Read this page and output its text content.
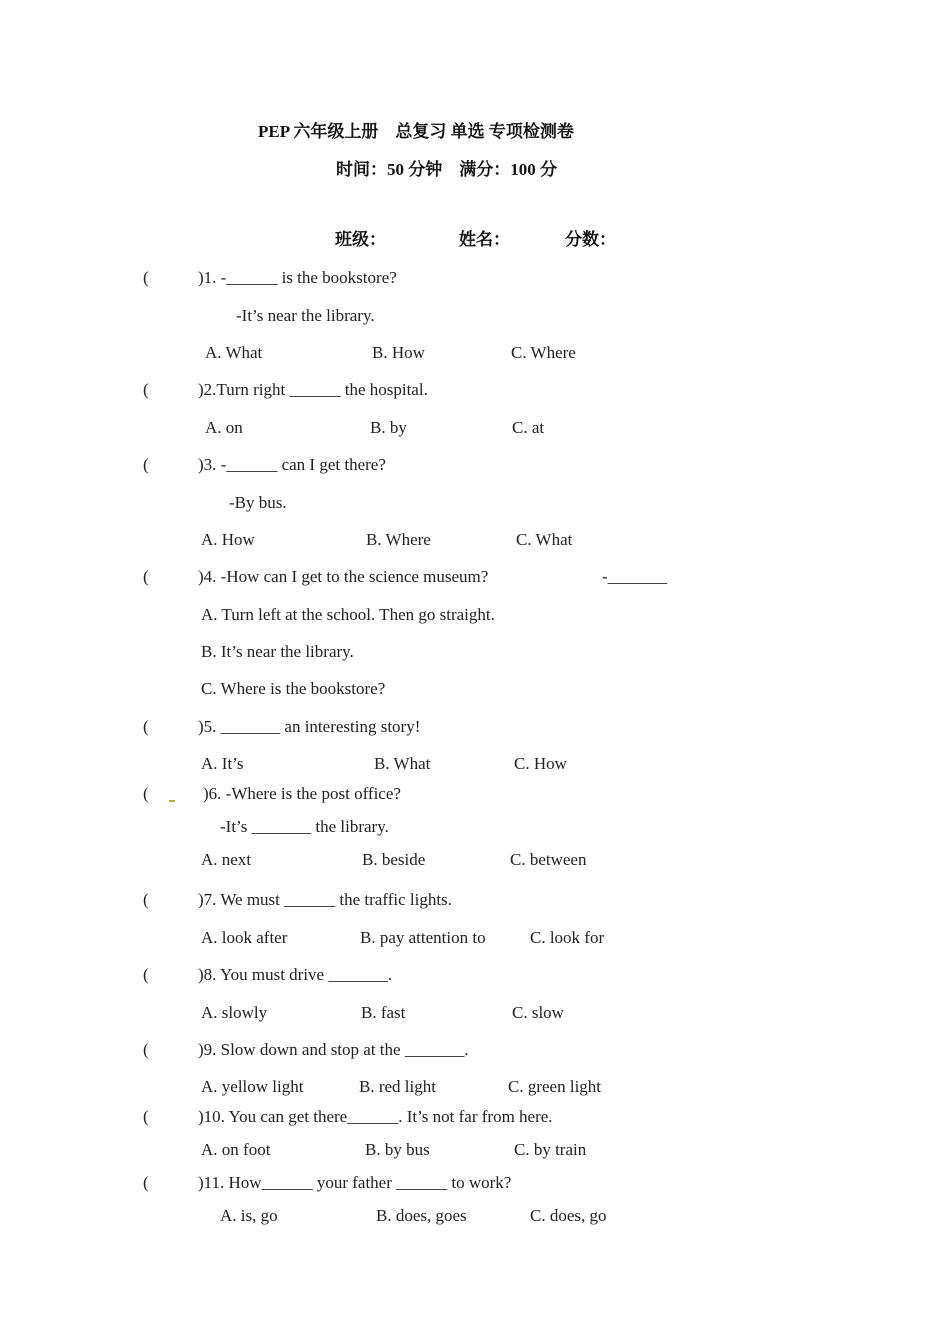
PEP 六年级上册　总复习 单选 专项检测卷
时间：50 分钟　满分：100 分
班级：	姓名：	分数：
(	)1. -______ is the bookstore?
-It’s near the library.
A. What	B. How	C. Where
(	)2.Turn right ______ the hospital.
A. on	B. by	C. at
(	)3. -______ can I get there?
-By bus.
A. How	B. Where	C. What
(	)4. -How can I get to the science museum?	-_______
A. Turn left at the school. Then go straight.
B. It’s near the library.
C. Where is the bookstore?
(	)5. _______ an interesting story!
A. It’s	B. What	C. How
(	)6. -Where is the post office?
-It’s _______ the library.
A. next	B. beside	C. between
(	)7. We must ______ the traffic lights.
A. look after	B. pay attention to	C. look for
(	)8. You must drive _______.
A. slowly	B. fast	C. slow
(	)9. Slow down and stop at the _______.
A. yellow light	B. red light	C. green light
(	)10. You can get there______. It’s not far from here.
A. on foot	B. by bus	C. by train
(	)11. How______ your father ______ to work?
A. is, go	B. does, goes	C. does, go
